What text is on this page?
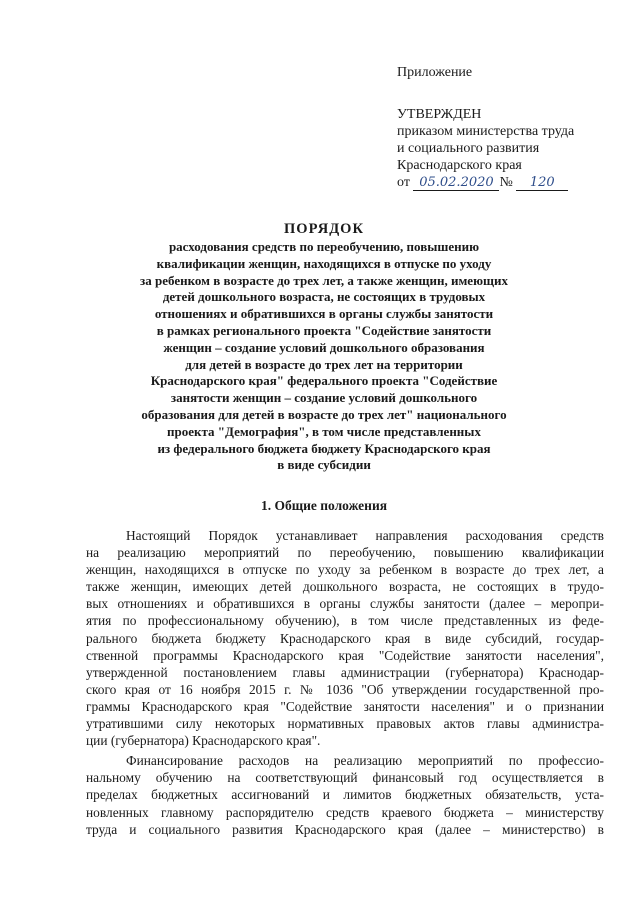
Приложение
УТВЕРЖДЕН
приказом министерства труда
и социального развития
Краснодарского края
от 05.02.2020 № 120
ПОРЯДОК
расходования средств по переобучению, повышению
квалификации женщин, находящихся в отпуске по уходу
за ребенком в возрасте до трех лет, а также женщин, имеющих
детей дошкольного возраста, не состоящих в трудовых
отношениях и обратившихся в органы службы занятости
в рамках регионального проекта "Содействие занятости
женщин – создание условий дошкольного образования
для детей в возрасте до трех лет на территории
Краснодарского края" федерального проекта "Содействие
занятости женщин – создание условий дошкольного
образования для детей в возрасте до трех лет" национального
проекта "Демография", в том числе представленных
из федерального бюджета бюджету Краснодарского края
в виде субсидии
1. Общие положения
Настоящий Порядок устанавливает направления расходования средств
на реализацию мероприятий по переобучению, повышению квалификации
женщин, находящихся в отпуске по уходу за ребенком в возрасте до трех лет, а
также женщин, имеющих детей дошкольного возраста, не состоящих в трудо-
вых отношениях и обратившихся в органы службы занятости (далее – меропри-
ятия по профессиональному обучению), в том числе представленных из феде-
рального бюджета бюджету Краснодарского края в виде субсидий, государ-
ственной программы Краснодарского края "Содействие занятости населения",
утвержденной постановлением главы администрации (губернатора) Краснодар-
ского края от 16 ноября 2015 г. № 1036 "Об утверждении государственной про-
граммы Краснодарского края "Содействие занятости населения" и о признании
утратившими силу некоторых нормативных правовых актов главы администра-
ции (губернатора) Краснодарского края".
Финансирование расходов на реализацию мероприятий по профессио-
нальному обучению на соответствующий финансовый год осуществляется в
пределах бюджетных ассигнований и лимитов бюджетных обязательств, уста-
новленных главному распорядителю средств краевого бюджета – министерству
труда и социального развития Краснодарского края (далее – министерство) в
